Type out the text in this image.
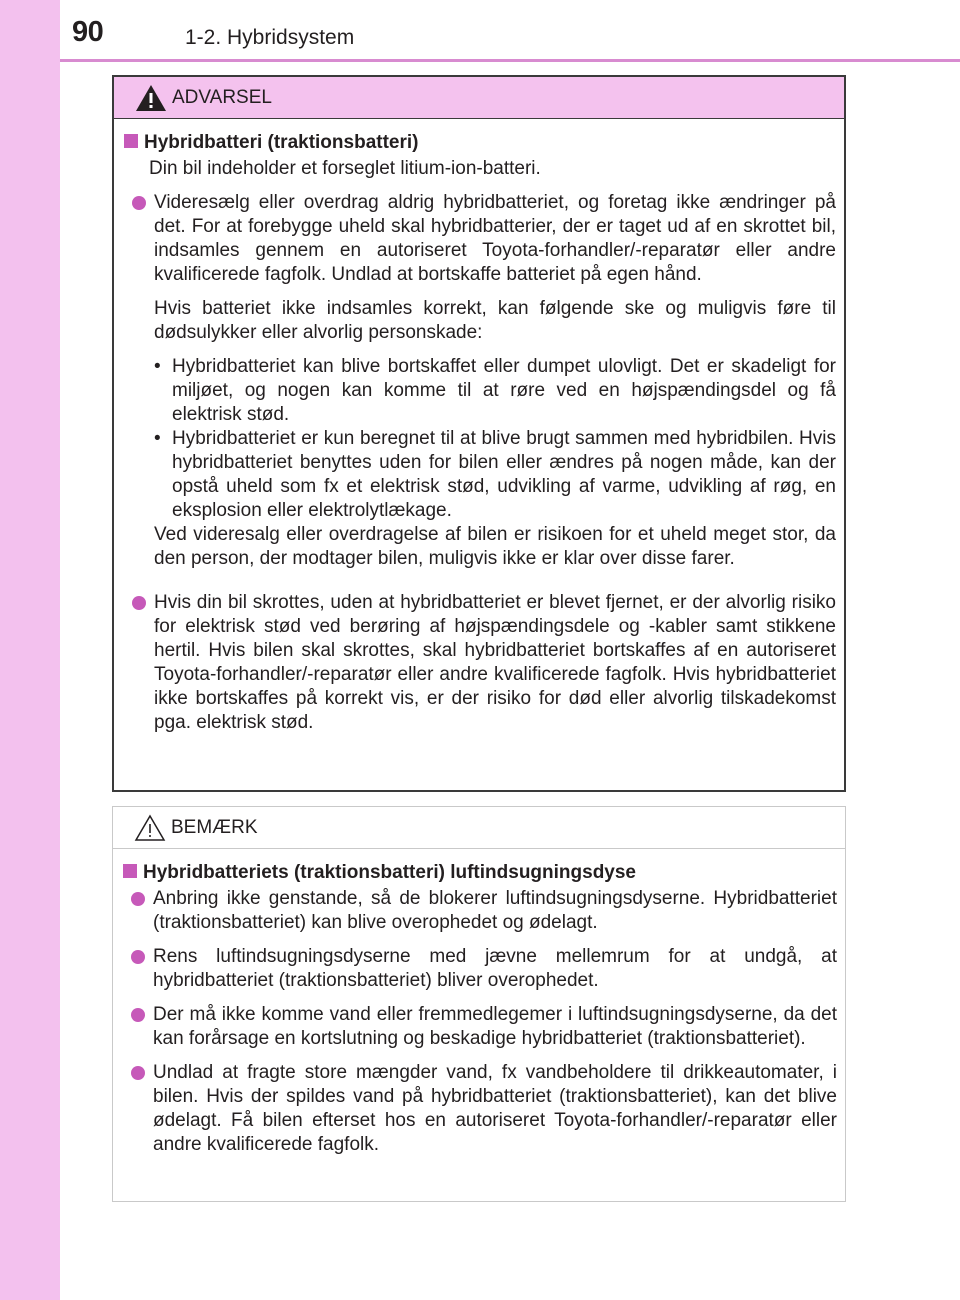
90	1-2. Hybridsystem
ADVARSEL
Hybridbatteri (traktionsbatteri)

Din bil indeholder et forseglet litium-ion-batteri.

Videresælg eller overdrag aldrig hybridbatteriet, og foretag ikke ændringer på det. For at forebygge uheld skal hybridbatterier, der er taget ud af en skrottet bil, indsamles gennem en autoriseret Toyota-forhandler/-reparatør eller andre kvalificerede fagfolk. Undlad at bortskaffe batteriet på egen hånd.

Hvis batteriet ikke indsamles korrekt, kan følgende ske og muligvis føre til dødsulykker eller alvorlig personskade:

• Hybridbatteriet kan blive bortskaffet eller dumpet ulovligt. Det er skadeligt for miljøet, og nogen kan komme til at røre ved en højspændingsdel og få elektrisk stød.
• Hybridbatteriet er kun beregnet til at blive brugt sammen med hybridbilen. Hvis hybridbatteriet benyttes uden for bilen eller ændres på nogen måde, kan der opstå uheld som fx et elektrisk stød, udvikling af varme, udvikling af røg, en eksplosion eller elektrolytlækage.

Ved videresalg eller overdragelse af bilen er risikoen for et uheld meget stor, da den person, der modtager bilen, muligvis ikke er klar over disse farer.

Hvis din bil skrottes, uden at hybridbatteriet er blevet fjernet, er der alvorlig risiko for elektrisk stød ved berøring af højspændingsdele og -kabler samt stikkene hertil. Hvis bilen skal skrottes, skal hybridbatteriet bortskaffes af en autoriseret Toyota-forhandler/-reparatør eller andre kvalificerede fagfolk. Hvis hybridbatteriet ikke bortskaffes på korrekt vis, er der risiko for død eller alvorlig tilskadekomst pga. elektrisk stød.
BEMÆRK
Hybridbatteriets (traktionsbatteri) luftindsugningsdyse
Anbring ikke genstande, så de blokerer luftindsugningsdyserne. Hybridbatteriet (traktionsbatteriet) kan blive overophedet og ødelagt.
Rens luftindsugningsdyserne med jævne mellemrum for at undgå, at hybridbatteriet (traktionsbatteriet) bliver overophedet.
Der må ikke komme vand eller fremmedlegemer i luftindsugningsdyserne, da det kan forårsage en kortslutning og beskadige hybridbatteriet (traktionsbatteriet).
Undlad at fragte store mængder vand, fx vandbeholdere til drikkeautomater, i bilen. Hvis der spildes vand på hybridbatteriet (traktionsbatteriet), kan det blive ødelagt. Få bilen efterset hos en autoriseret Toyota-forhandler/-reparatør eller andre kvalificerede fagfolk.
